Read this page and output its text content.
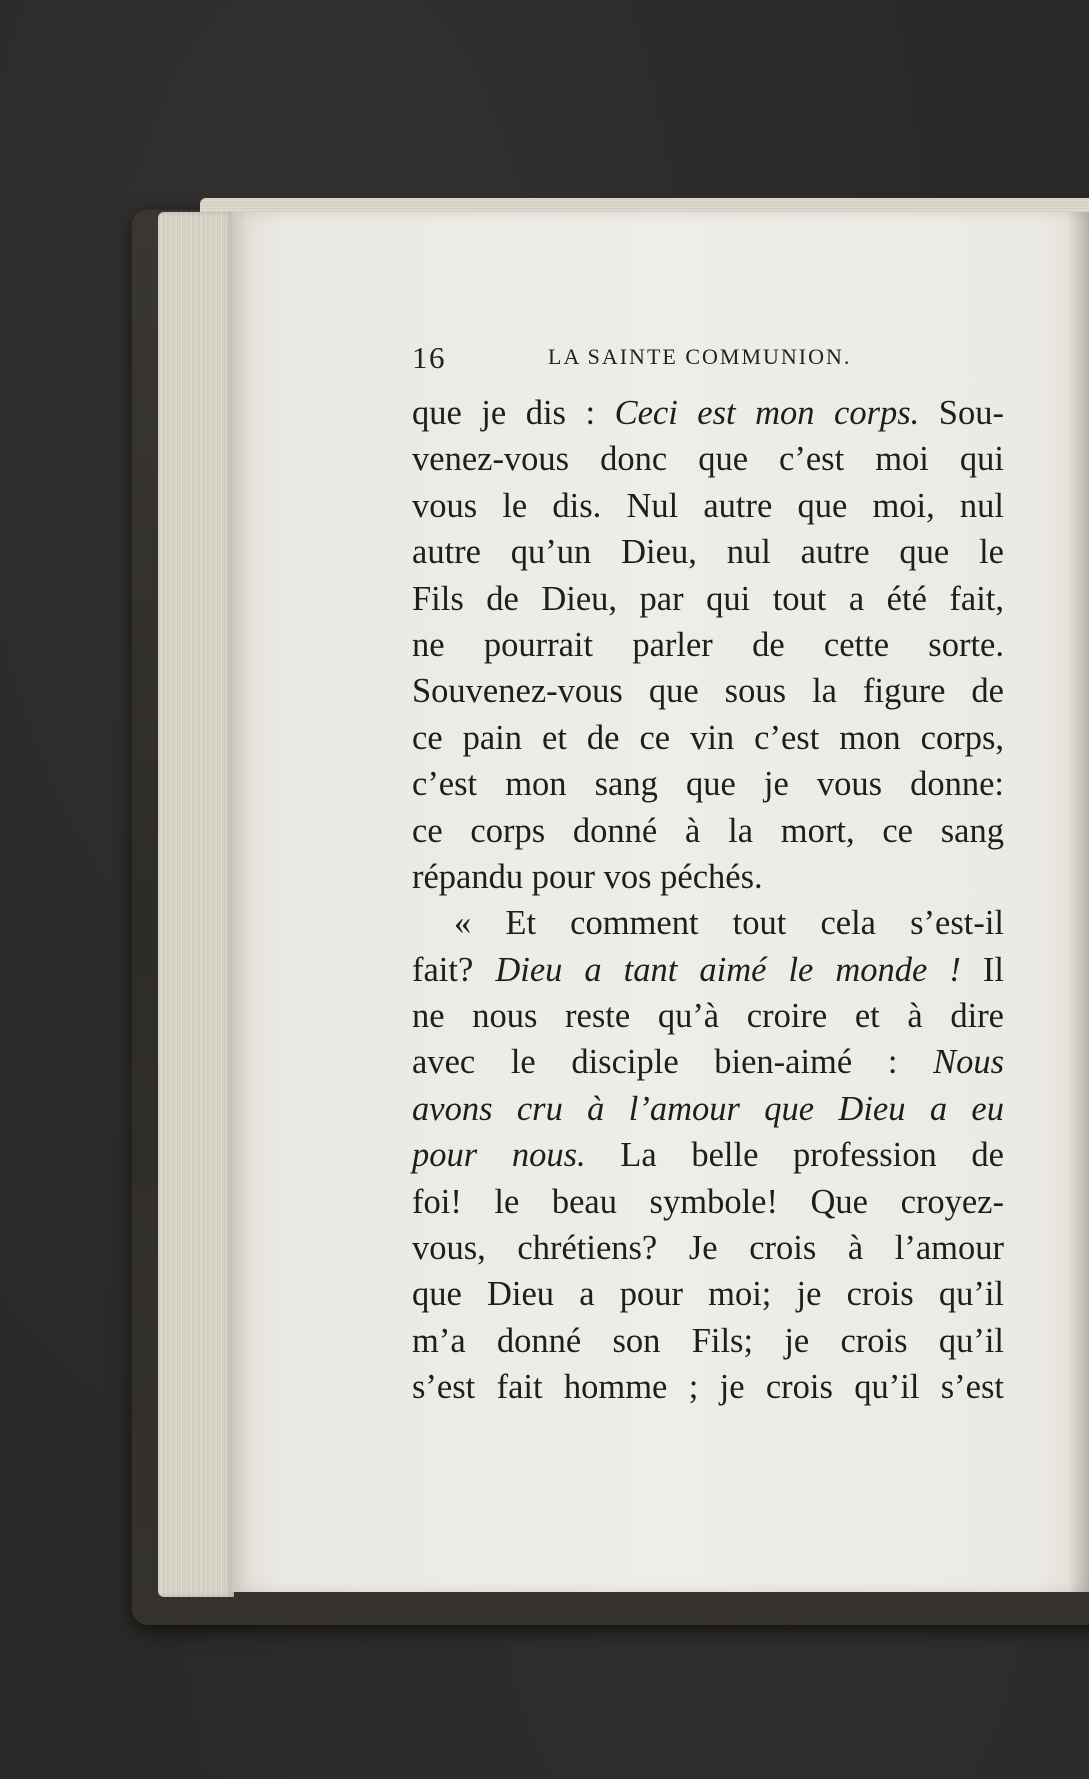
16	LA SAINTE COMMUNION.
que je dis : Ceci est mon corps. Sou-
venez-vous donc que c’est moi qui
vous le dis. Nul autre que moi, nul
autre qu’un Dieu, nul autre que le
Fils de Dieu, par qui tout a été fait,
ne pourrait parler de cette sorte.
Souvenez-vous que sous la figure de
ce pain et de ce vin c’est mon corps,
c’est mon sang que je vous donne:
ce corps donné à la mort, ce sang
répandu pour vos péchés.
« Et comment tout cela s’est-il
fait? Dieu a tant aimé le monde ! Il
ne nous reste qu’à croire et à dire
avec le disciple bien-aimé : Nous
avons cru à l’amour que Dieu a eu
pour nous. La belle profession de
foi! le beau symbole! Que croyez-
vous, chrétiens? Je crois à l’amour
que Dieu a pour moi; je crois qu’il
m’a donné son Fils; je crois qu’il
s’est fait homme ; je crois qu’il s’est
